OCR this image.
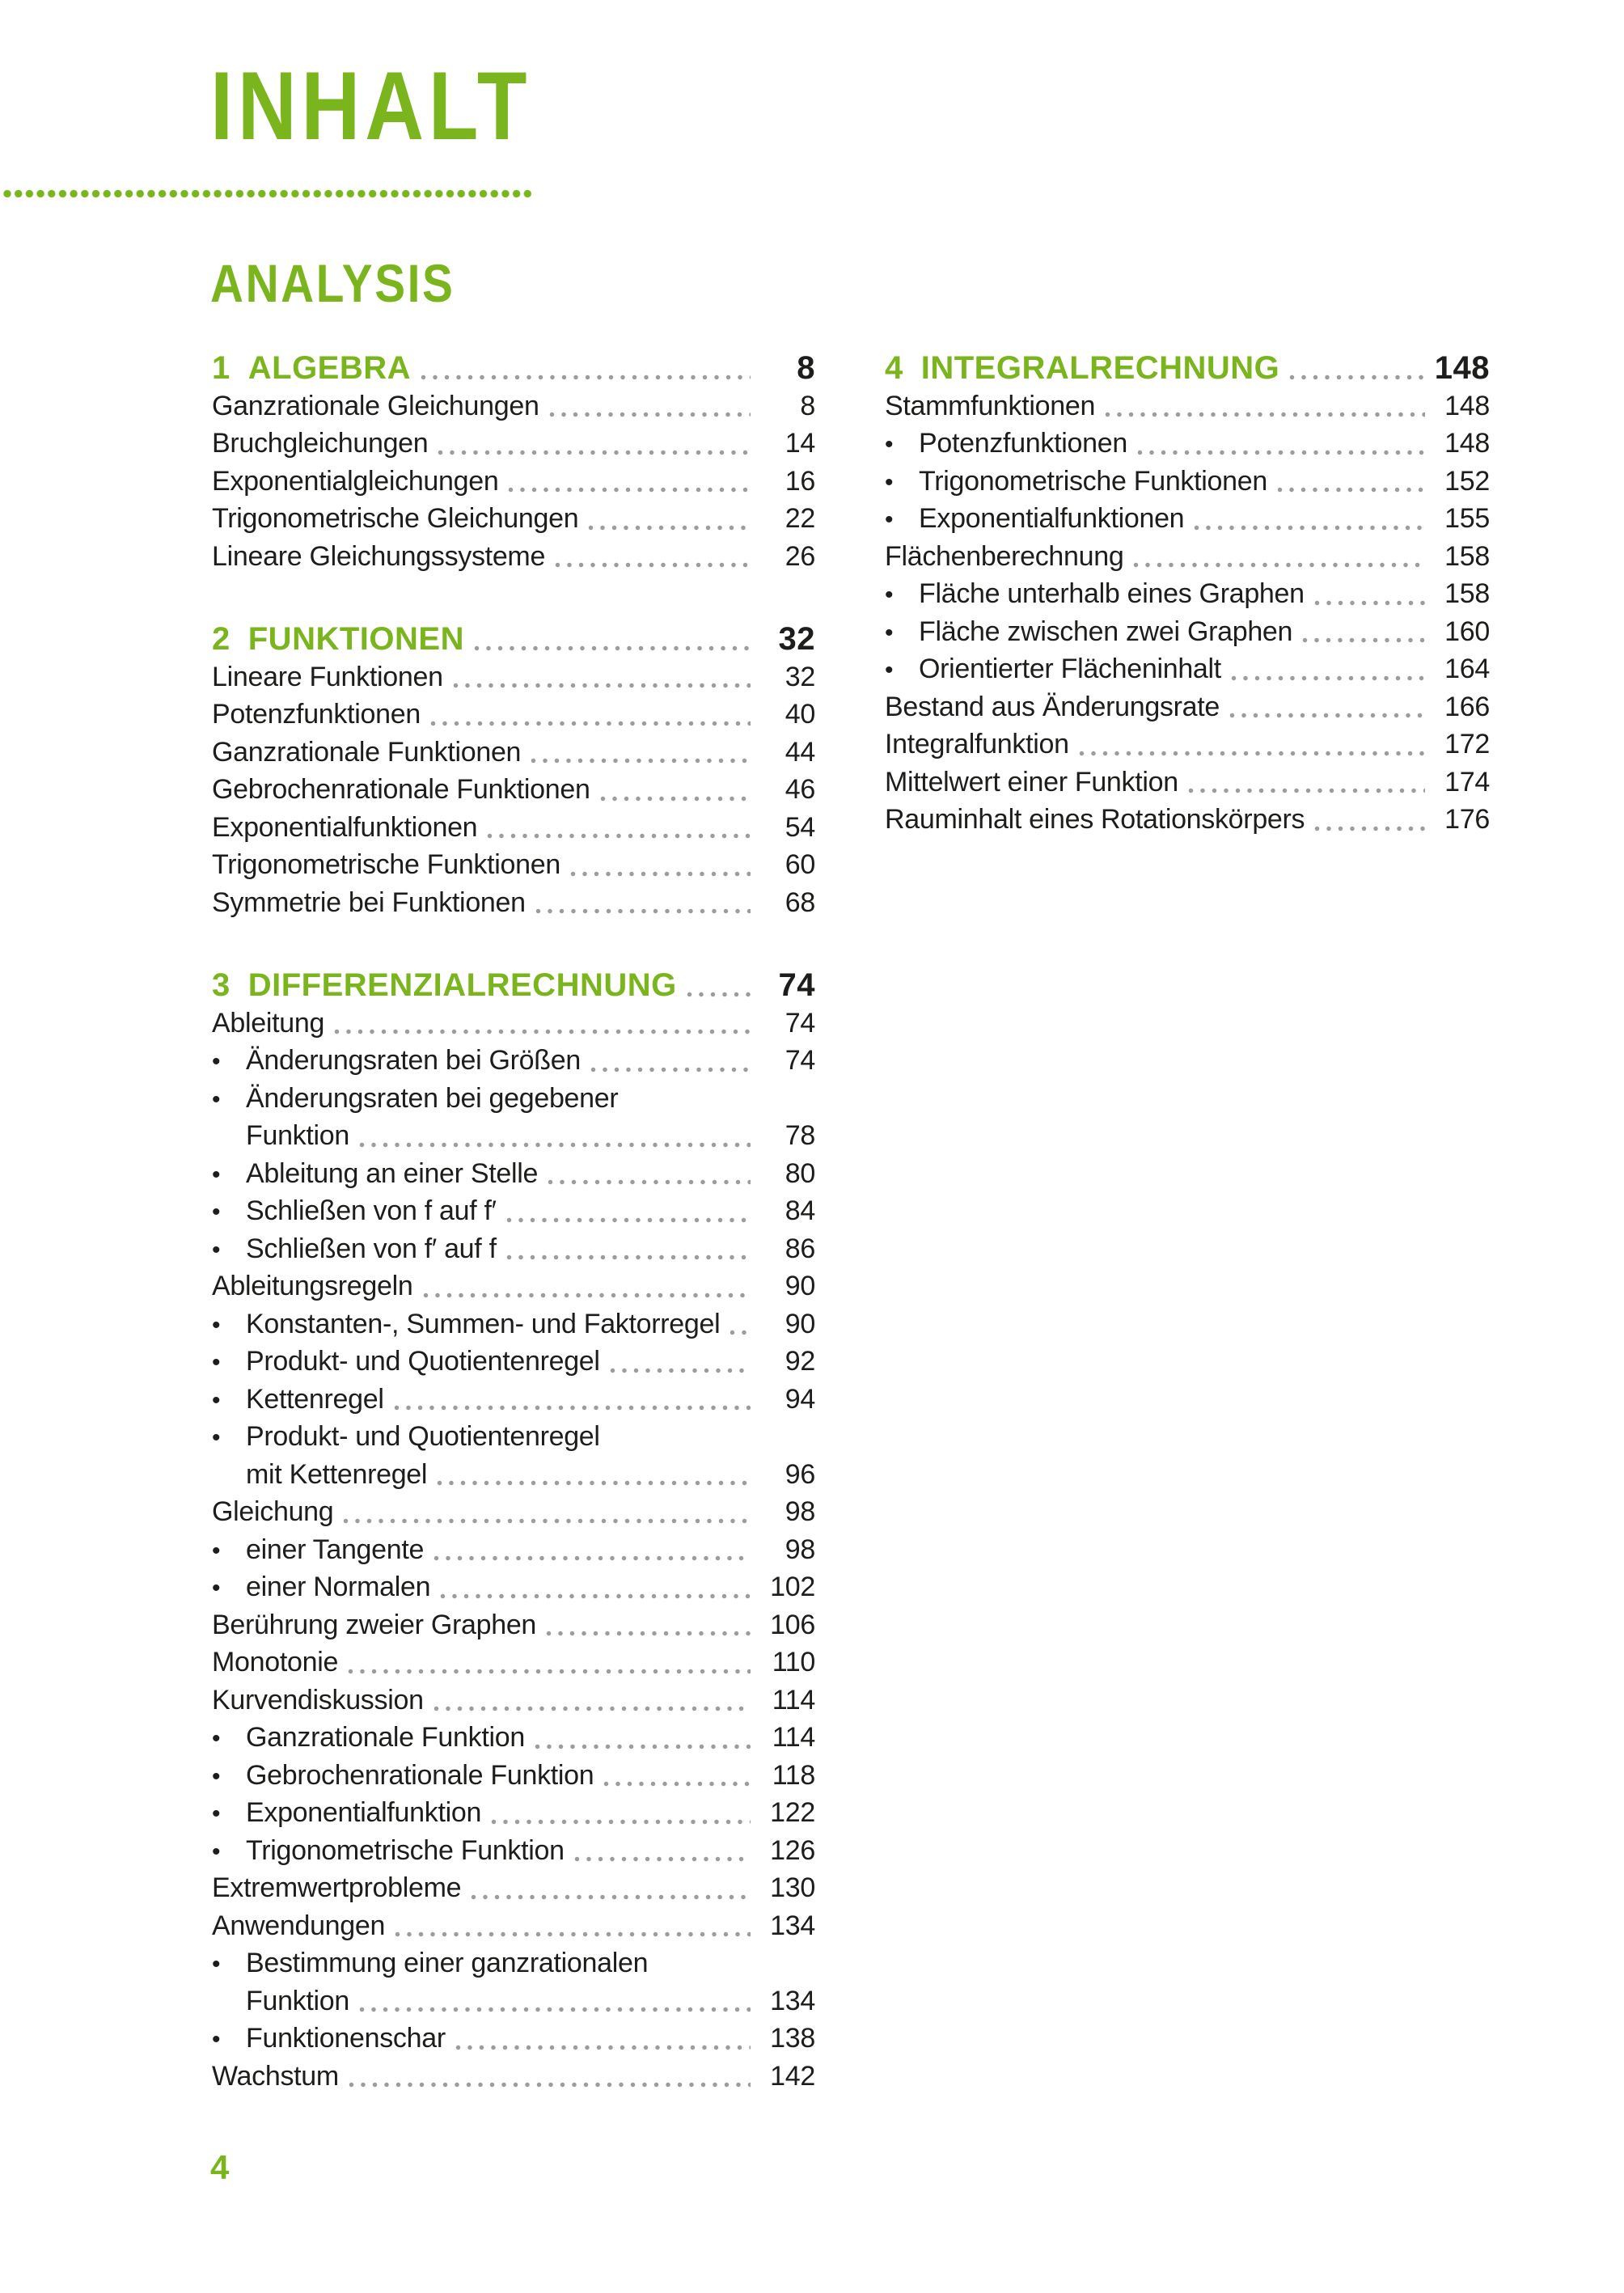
INHALT
ANALYSIS
1 ALGEBRA	8
Ganzrationale Gleichungen	8
Bruchgleichungen	14
Exponentialgleichungen	16
Trigonometrische Gleichungen	22
Lineare Gleichungssysteme	26
2 FUNKTIONEN	32
Lineare Funktionen	32
Potenzfunktionen	40
Ganzrationale Funktionen	44
Gebrochenrationale Funktionen	46
Exponentialfunktionen	54
Trigonometrische Funktionen	60
Symmetrie bei Funktionen	68
3 DIFFERENZIALRECHNUNG	74
Ableitung	74
• Änderungsraten bei Größen	74
• Änderungsraten bei gegebener
Funktion	78
• Ableitung an einer Stelle	80
• Schließen von f auf f′	84
• Schließen von f′ auf f	86
Ableitungsregeln	90
• Konstanten-, Summen- und Faktorregel	90
• Produkt- und Quotientenregel	92
• Kettenregel	94
• Produkt- und Quotientenregel
mit Kettenregel	96
Gleichung	98
• einer Tangente	98
• einer Normalen	102
Berührung zweier Graphen	106
Monotonie	110
Kurvendiskussion	114
• Ganzrationale Funktion	114
• Gebrochenrationale Funktion	118
• Exponentialfunktion	122
• Trigonometrische Funktion	126
Extremwertprobleme	130
Anwendungen	134
• Bestimmung einer ganzrationalen
Funktion	134
• Funktionenschar	138
Wachstum	142
4 INTEGRALRECHNUNG	148
Stammfunktionen	148
• Potenzfunktionen	148
• Trigonometrische Funktionen	152
• Exponentialfunktionen	155
Flächenberechnung	158
• Fläche unterhalb eines Graphen	158
• Fläche zwischen zwei Graphen	160
• Orientierter Flächeninhalt	164
Bestand aus Änderungsrate	166
Integralfunktion	172
Mittelwert einer Funktion	174
Rauminhalt eines Rotationskörpers	176
4
